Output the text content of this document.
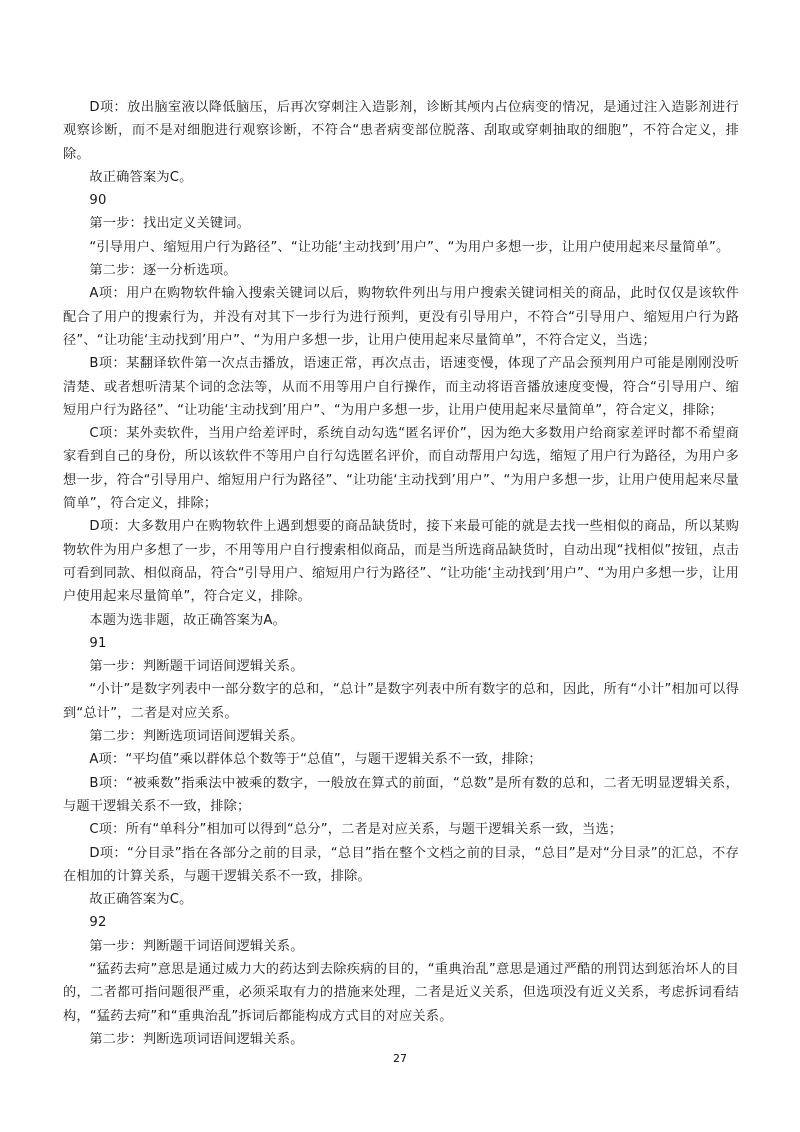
D项：放出脑室液以降低脑压，后再次穿刺注入造影剂，诊断其颅内占位病变的情况，是通过注入造影剂进行观察诊断，而不是对细胞进行观察诊断，不符合“患者病变部位脱落、刮取或穿刺抽取的细胞”，不符合定义，排除。

故正确答案为C。

90

第一步：找出定义关键词。

“引导用户、缩短用户行为路径”、“让功能‘主动找到’用户”、“为用户多想一步，让用户使用起来尽量简单”。

第二步：逐一分析选项。

A项：用户在购物软件输入搜索关键词以后，购物软件列出与用户搜索关键词相关的商品，此时仅仅是该软件配合了用户的搜索行为，并没有对其下一步行为进行预判，更没有引导用户，不符合“引导用户、缩短用户行为路径”、“让功能‘主动找到’用户”、“为用户多想一步，让用户使用起来尽量简单”，不符合定义，当选；

B项：某翻译软件第一次点击播放，语速正常，再次点击，语速变慢，体现了产品会预判用户可能是刚刚没听清楚、或者想听清某个词的念法等，从而不用等用户自行操作，而主动将语音播放速度变慢，符合“引导用户、缩短用户行为路径”、“让功能‘主动找到’用户”、“为用户多想一步，让用户使用起来尽量简单”，符合定义，排除；

C项：某外卖软件，当用户给差评时，系统自动勾选“匿名评价”，因为绝大多数用户给商家差评时都不希望商家看到自己的身份，所以该软件不等用户自行勾选匿名评价，而自动帮用户勾选，缩短了用户行为路径，为用户多想一步，符合“引导用户、缩短用户行为路径”、“让功能‘主动找到’用户”、“为用户多想一步，让用户使用起来尽量简单”，符合定义，排除；

D项：大多数用户在购物软件上遇到想要的商品缺货时，接下来最可能的就是去找一些相似的商品，所以某购物软件为用户多想了一步，不用等用户自行搜索相似商品，而是当所选商品缺货时，自动出现“找相似”按钮，点击可看到同款、相似商品，符合“引导用户、缩短用户行为路径”、“让功能‘主动找到’用户”、“为用户多想一步，让用户使用起来尽量简单”，符合定义，排除。

本题为选非题，故正确答案为A。

91

第一步：判断题干词语间逻辑关系。

“小计”是数字列表中一部分数字的总和，“总计”是数字列表中所有数字的总和，因此，所有“小计”相加可以得到“总计”，二者是对应关系。

第二步：判断选项词语间逻辑关系。

A项：“平均值”乘以群体总个数等于“总值”，与题干逻辑关系不一致，排除；

B项：“被乘数”指乘法中被乘的数字，一般放在算式的前面，“总数”是所有数的总和，二者无明显逻辑关系，与题干逻辑关系不一致，排除；

C项：所有“单科分”相加可以得到“总分”，二者是对应关系，与题干逻辑关系一致，当选；

D项：“分目录”指在各部分之前的目录，“总目”指在整个文档之前的目录，“总目”是对“分目录”的汇总，不存在相加的计算关系，与题干逻辑关系不一致，排除。

故正确答案为C。

92

第一步：判断题干词语间逻辑关系。

“猛药去疴”意思是通过威力大的药达到去除疾病的目的，“重典治乱”意思是通过严酷的刑罚达到惩治坏人的目的，二者都可指问题很严重，必须采取有力的措施来处理，二者是近义关系，但选项没有近义关系，考虑拆词看结构，“猛药去疴”和“重典治乱”拆词后都能构成方式目的对应关系。

第二步：判断选项词语间逻辑关系。

27
